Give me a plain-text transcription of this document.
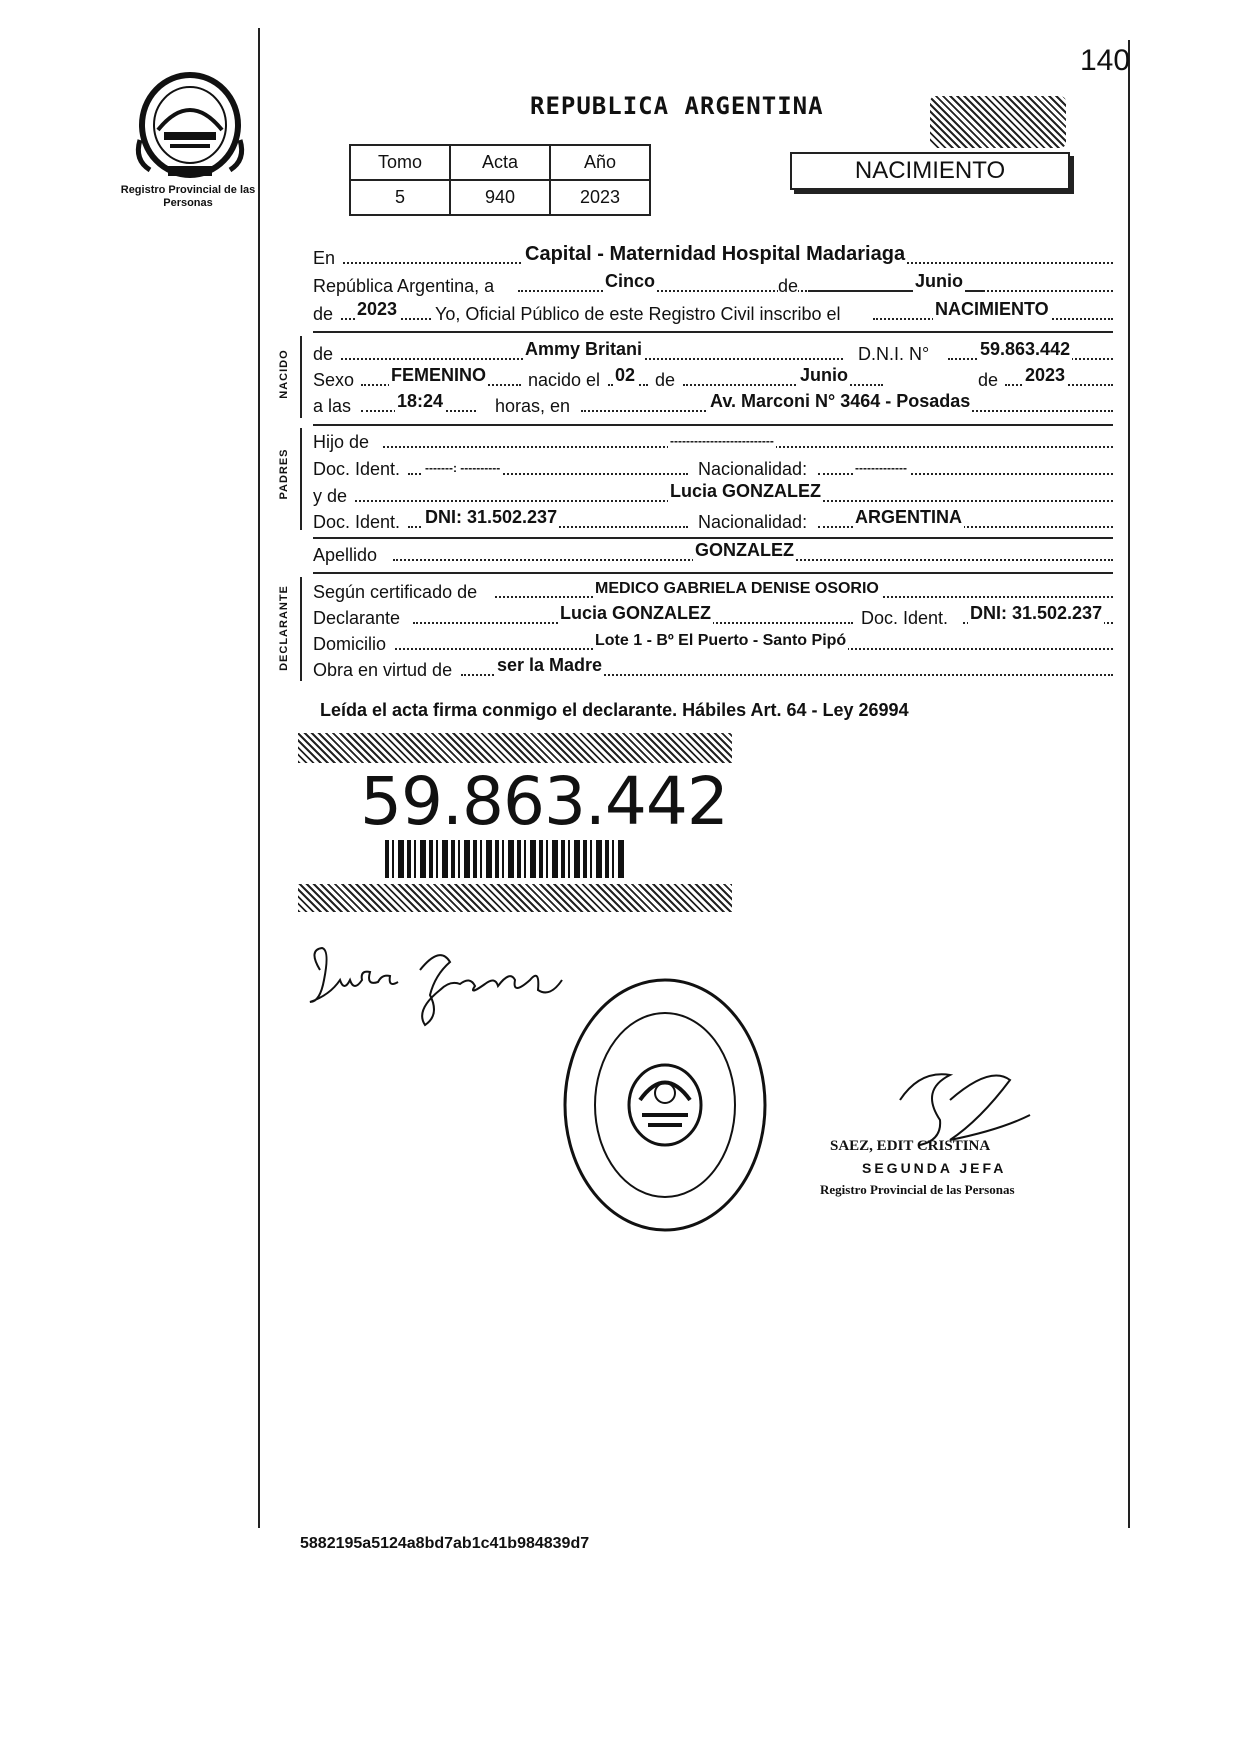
140
Registro Provincial de las Personas
REPUBLICA ARGENTINA
Tomo	Acta	Año
5	940	2023
NACIMIENTO
En	Capital - Maternidad Hospital Madariaga
República Argentina, a	Cinco	de	Junio
de 2023 Yo, Oficial Público de este Registro Civil inscribo el	NACIMIENTO
NACIDO de	Ammy Britani	D.N.I. N°	59.863.442
Sexo FEMENINO nacido el 02 de	Junio	de 2023
a las	18:24	horas, en	Av. Marconi N° 3464 - Posadas
PADRES
Hijo de	--------------------------
Doc. Ident. -------: ----------	Nacionalidad:	-------------
y de	Lucia GONZALEZ
Doc. Ident. DNI: 31.502.237	Nacionalidad:	ARGENTINA
Apellido	GONZALEZ
DECLARANTE Según certificado de	MEDICO GABRIELA DENISE OSORIO
Declarante	Lucia GONZALEZ	Doc. Ident. DNI: 31.502.237
Domicilio	Lote 1 - Bº El Puerto - Santo Pipó
Obra en virtud de ser la Madre
Leída el acta firma conmigo el declarante. Hábiles Art. 64 - Ley 26994
59.863.442
SAEZ, EDIT CRISTINA
SEGUNDA JEFA
Registro Provincial de las Personas
5882195a5124a8bd7ab1c41b984839d7
